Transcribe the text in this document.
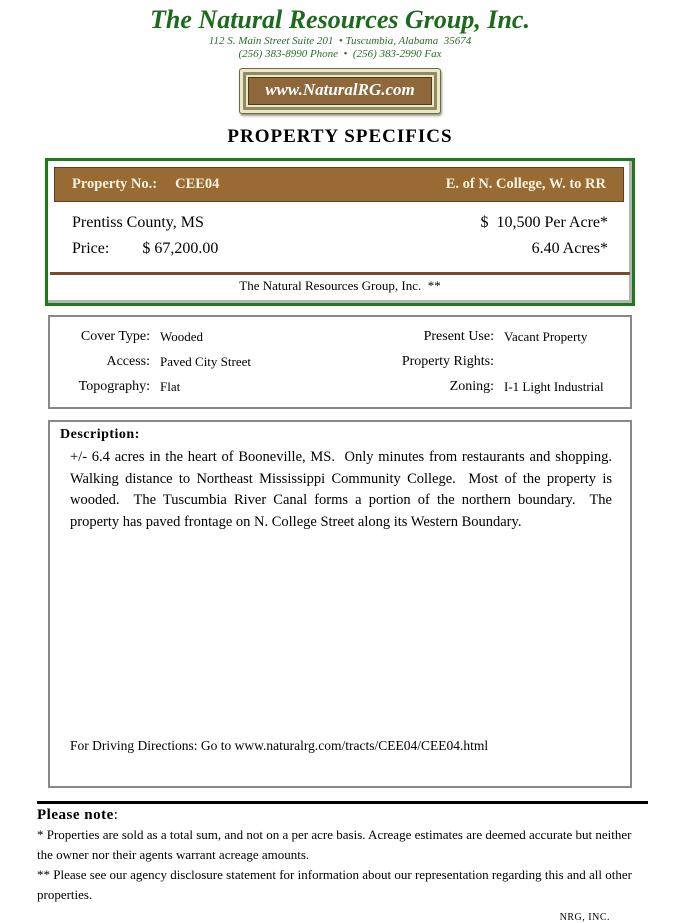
The Natural Resources Group, Inc.
112 S. Main Street Suite 201  • Tuscumbia, Alabama  35674
(256) 383-8990 Phone  •  (256) 383-2990 Fax
www.NaturalRG.com
PROPERTY SPECIFICS
Property No.: CEE04	E. of N. College, W. to RR
Prentiss County, MS	$  10,500 Per Acre*
Price: $ 67,200.00	6.40 Acres*
The Natural Resources Group, Inc.  **
Cover Type: Wooded	Present Use: Vacant Property
Access: Paved City Street	Property Rights:
Topography: Flat	Zoning: I-1 Light Industrial
Description:
+/- 6.4 acres in the heart of Booneville, MS.  Only minutes from restaurants and shopping.  Walking distance to Northeast Mississippi Community College.  Most of the property is wooded.  The Tuscumbia River Canal forms a portion of the northern boundary.  The property has paved frontage on N. College Street along its Western Boundary.
For Driving Directions: Go to www.naturalrg.com/tracts/CEE04/CEE04.html
Please note:
* Properties are sold as a total sum, and not on a per acre basis. Acreage estimates are deemed accurate but neither the owner nor their agents warrant acreage amounts.
** Please see our agency disclosure statement for information about our representation regarding this and all other properties.
NRG, INC.
